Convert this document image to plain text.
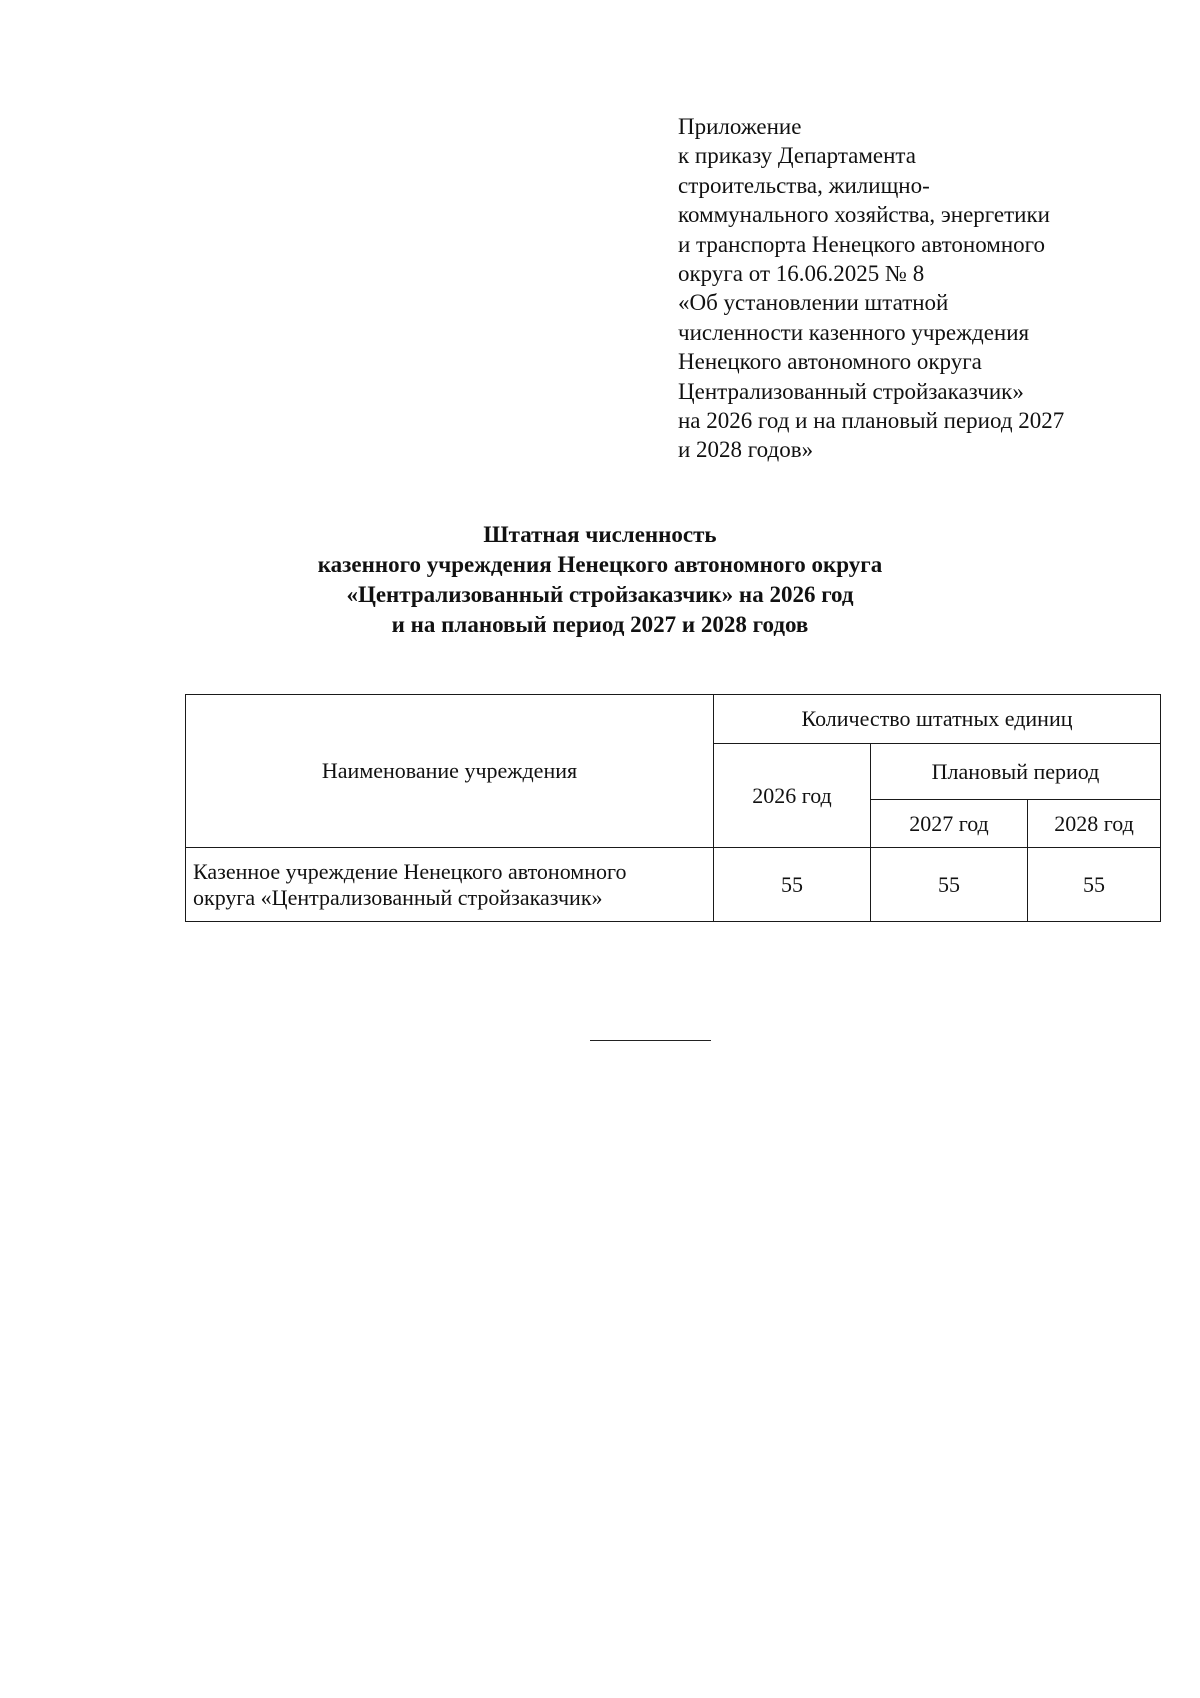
Приложение
к приказу Департамента
строительства, жилищно-
коммунального хозяйства, энергетики
и транспорта Ненецкого автономного
округа от 16.06.2025 № 8
«Об установлении штатной
численности казенного учреждения
Ненецкого автономного округа
Централизованный стройзаказчик»
на 2026 год и на плановый период 2027
и 2028 годов»
Штатная численность
казенного учреждения Ненецкого автономного округа
«Централизованный стройзаказчик» на 2026 год
и на плановый период 2027 и 2028 годов
Наименование учреждения	Количество штатных единиц		
	2026 год	Плановый период	
		2027 год	2028 год

Казенное учреждение Ненецкого автономного
округа «Централизованный стройзаказчик»	55	55	55
